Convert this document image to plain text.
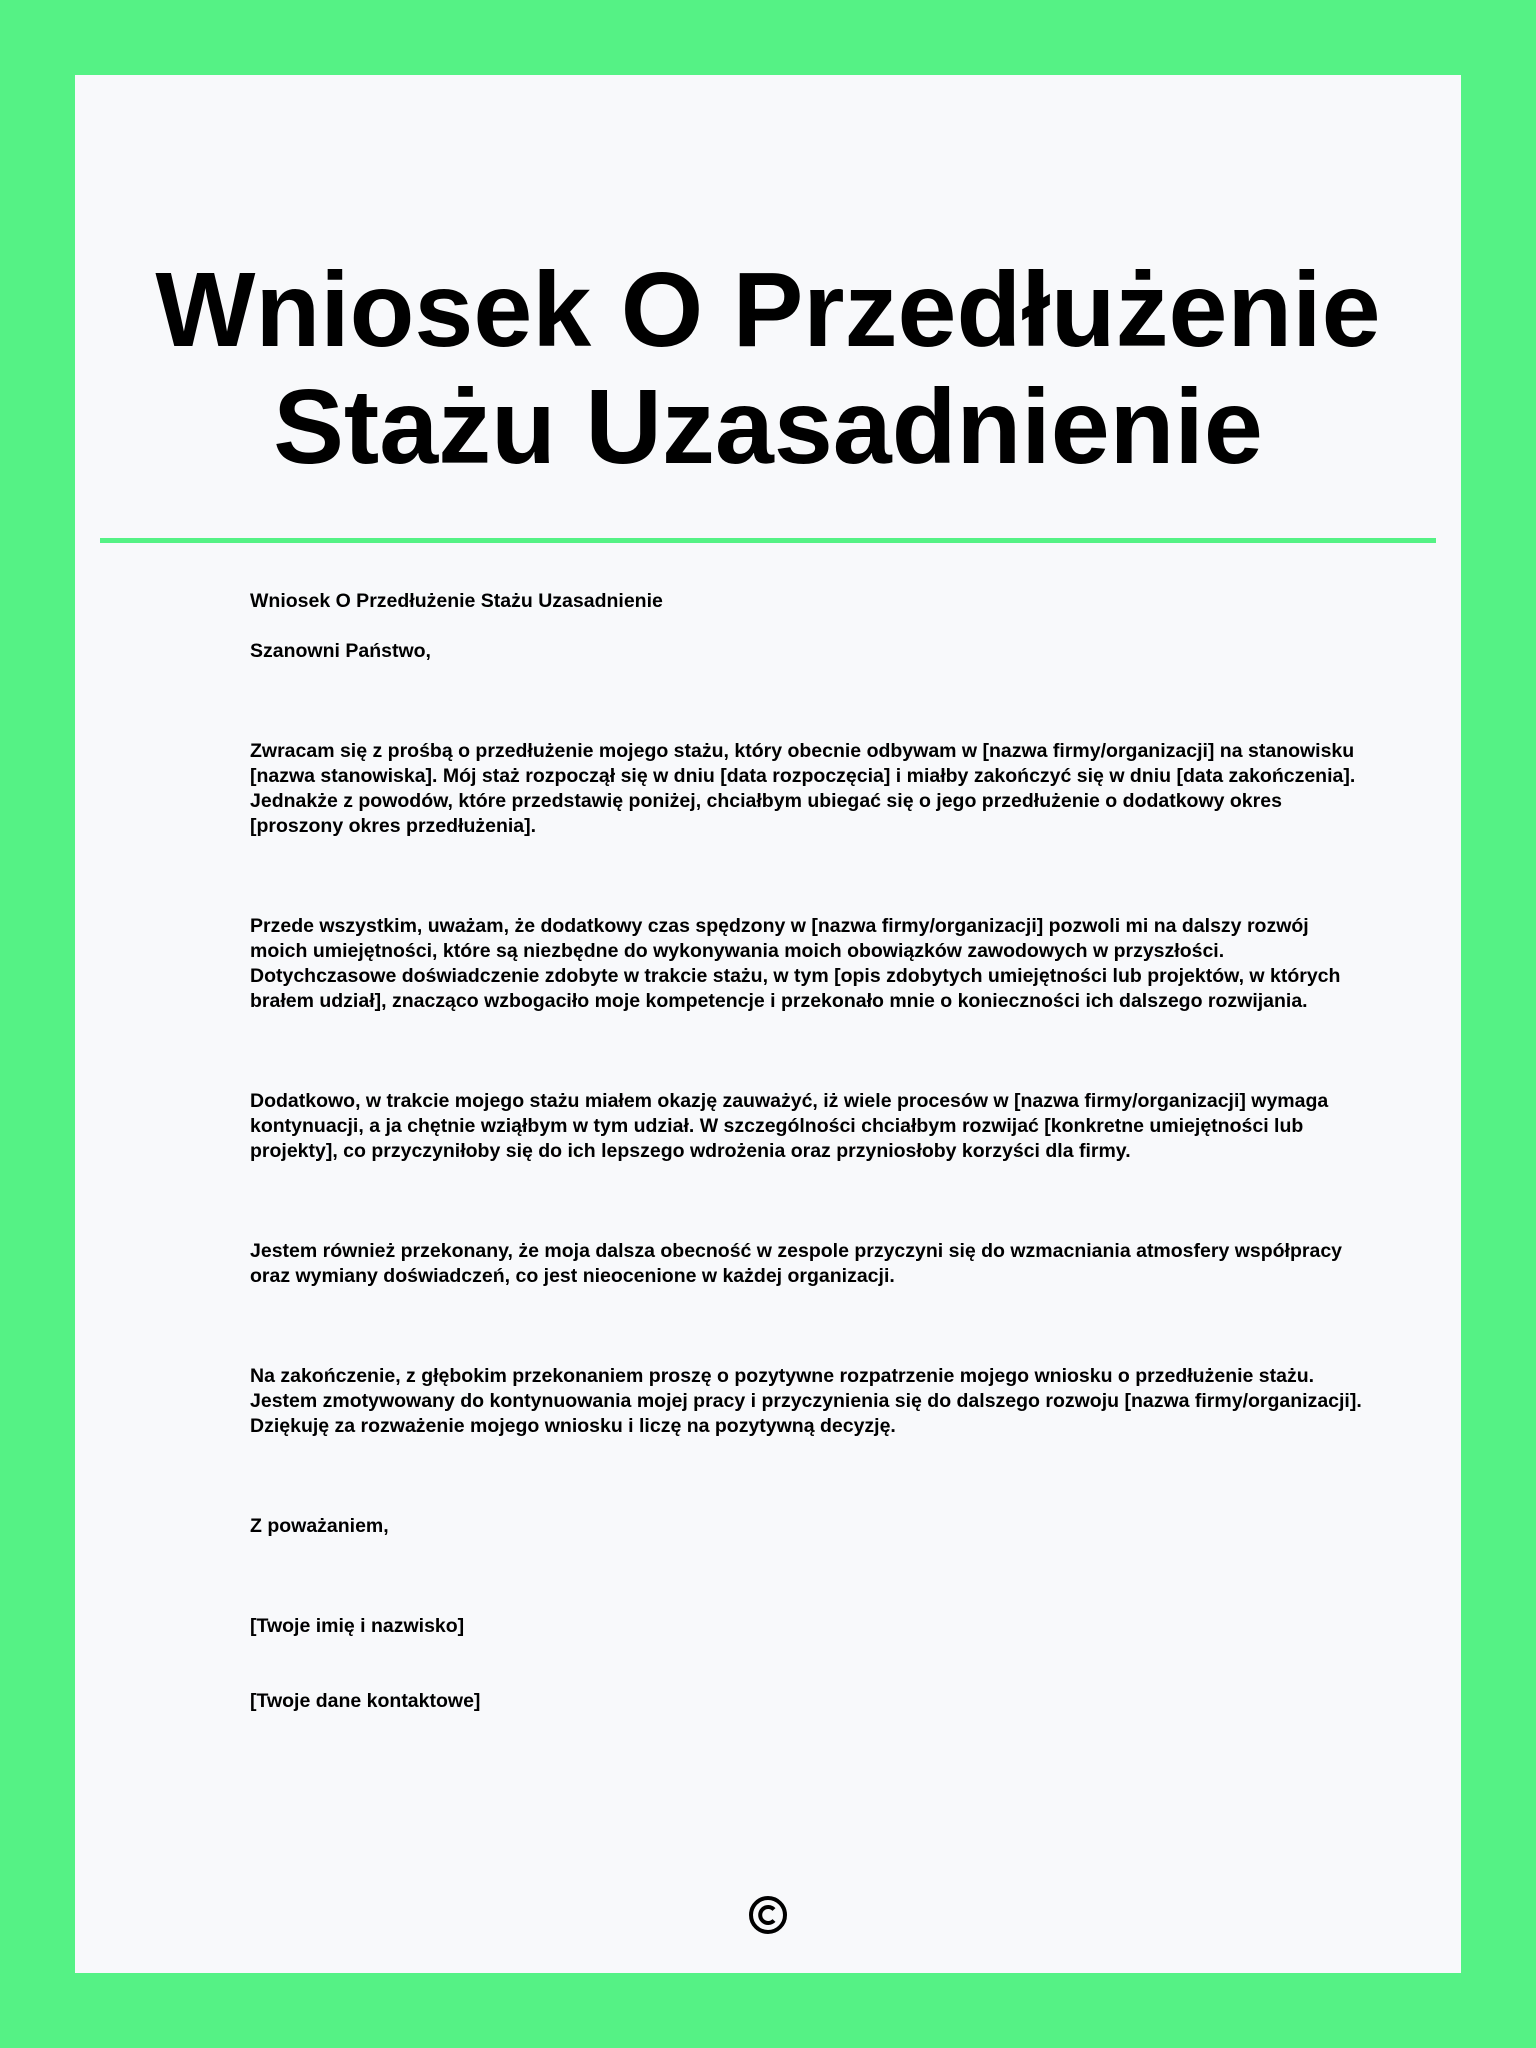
Wniosek O Przedłużenie Stażu Uzasadnienie

Wniosek O Przedłużenie Stażu Uzasadnienie

Szanowni Państwo,

Zwracam się z prośbą o przedłużenie mojego stażu, który obecnie odbywam w [nazwa firmy/organizacji] na stanowisku [nazwa stanowiska]. Mój staż rozpoczął się w dniu [data rozpoczęcia] i miałby zakończyć się w dniu [data zakończenia]. Jednakże z powodów, które przedstawię poniżej, chciałbym ubiegać się o jego przedłużenie o dodatkowy okres [proszony okres przedłużenia].

Przede wszystkim, uważam, że dodatkowy czas spędzony w [nazwa firmy/organizacji] pozwoli mi na dalszy rozwój moich umiejętności, które są niezbędne do wykonywania moich obowiązków zawodowych w przyszłości. Dotychczasowe doświadczenie zdobyte w trakcie stażu, w tym [opis zdobytych umiejętności lub projektów, w których brałem udział], znacząco wzbogaciło moje kompetencje i przekonało mnie o konieczności ich dalszego rozwijania.

Dodatkowo, w trakcie mojego stażu miałem okazję zauważyć, iż wiele procesów w [nazwa firmy/organizacji] wymaga kontynuacji, a ja chętnie wziąłbym w tym udział. W szczególności chciałbym rozwijać [konkretne umiejętności lub projekty], co przyczyniłoby się do ich lepszego wdrożenia oraz przyniosłoby korzyści dla firmy.

Jestem również przekonany, że moja dalsza obecność w zespole przyczyni się do wzmacniania atmosfery współpracy oraz wymiany doświadczeń, co jest nieocenione w każdej organizacji.

Na zakończenie, z głębokim przekonaniem proszę o pozytywne rozpatrzenie mojego wniosku o przedłużenie stażu. Jestem zmotywowany do kontynuowania mojej pracy i przyczynienia się do dalszego rozwoju [nazwa firmy/organizacji]. Dziękuję za rozważenie mojego wniosku i liczę na pozytywną decyzję.

Z poważaniem,

[Twoje imię i nazwisko]

[Twoje dane kontaktowe]
